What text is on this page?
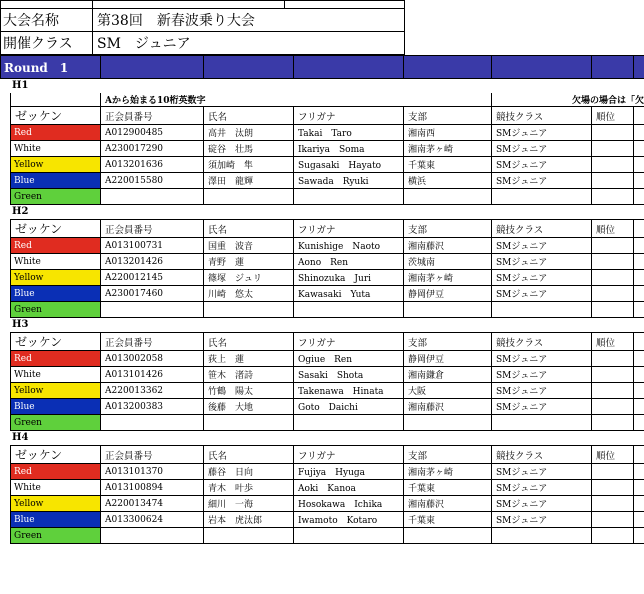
大会名称	第38回　新春波乗り大会	
開催クラス	SM　ジュニア	
Round　1							
H1
	Aから始まる10桁英数字				欠場の場合は「欠		
ゼッケン	正会員番号	氏名	フリガナ	支部	競技クラス	順位	
Red	A012900485	高井　汰朗	Takai　Taro	湘南西	SMジュニア		
White	A230017290	碇谷　壮馬	Ikariya　Soma	湘南茅ヶ崎	SMジュニア		
Yellow	A013201636	須加崎　隼	Sugasaki　Hayato	千葉東	SMジュニア		
Blue	A220015580	澤田　龍輝	Sawada　Ryuki	横浜	SMジュニア		
Green							
H2
ゼッケン	正会員番号	氏名	フリガナ	支部	競技クラス	順位	
Red	A013100731	国重　波音	Kunishige　Naoto	湘南藤沢	SMジュニア		
White	A013201426	青野　蓮	Aono　Ren	茨城南	SMジュニア		
Yellow	A220012145	篠塚　ジュリ	Shinozuka　Juri	湘南茅ヶ崎	SMジュニア		
Blue	A230017460	川崎　悠太	Kawasaki　Yuta	静岡伊豆	SMジュニア		
Green							
H3
ゼッケン	正会員番号	氏名	フリガナ	支部	競技クラス	順位	
Red	A013002058	荻上　蓮	Ogiue　Ren	静岡伊豆	SMジュニア		
White	A013101426	笹木　渚詩	Sasaki　Shota	湘南鎌倉	SMジュニア		
Yellow	A220013362	竹鶴　陽太	Takenawa　Hinata	大阪	SMジュニア		
Blue	A013200383	後藤　大地	Goto　Daichi	湘南藤沢	SMジュニア		
Green							
H4
ゼッケン	正会員番号	氏名	フリガナ	支部	競技クラス	順位	
Red	A013101370	藤谷　日向	Fujiya　Hyuga	湘南茅ヶ崎	SMジュニア		
White	A013100894	青木　叶歩	Aoki　Kanoa	千葉東	SMジュニア		
Yellow	A220013474	細川　一海	Hosokawa　Ichika	湘南藤沢	SMジュニア		
Blue	A013300624	岩本　虎汰郎	Iwamoto　Kotaro	千葉東	SMジュニア		
Green							
